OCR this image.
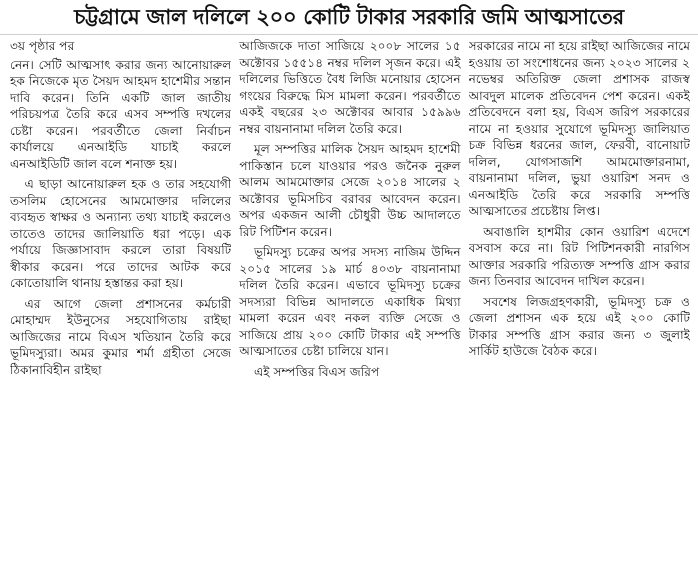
চট্টগ্রামে জাল দলিলে ২০০ কোটি টাকার সরকারি জমি আত্মসাতের
৩য় পৃষ্ঠার পর

নেন। সেটি আত্মসাৎ করার জন্য আনোয়ারুল হক নিজেকে মৃত সৈয়দ আহমদ হাশেমীর সন্তান দাবি করেন। তিনি একটি জাল জাতীয় পরিচয়পত্র তৈরি করে এসব সম্পত্তি দখলের চেষ্টা করেন। পরবর্তীতে জেলা নির্বাচন কার্যালয়ে এনআইডি যাচাই করলে এনআইডিটি জাল বলে শনাক্ত হয়।

এ ছাড়া আনোয়ারুল হক ও তার সহযোগী তসলিম হোসেনের আমমোক্তার দলিলের ব্যবহৃত স্বাক্ষর ও অন্যান্য তথ্য যাচাই করলেও তাতেও তাদের জালিয়াতি ধরা পড়ে। এক পর্যায়ে জিজ্ঞাসাবাদ করলে তারা বিষয়টি স্বীকার করেন। পরে তাদের আটক করে কোতোয়ালি থানায় হস্তান্তর করা হয়।

এর আগে জেলা প্রশাসনের কর্মচারী মোহাম্মদ ইউনুসের সহযোগিতায় রাইছা আজিজের নামে বিএস খতিয়ান তৈরি করে ভূমিদস্যুরা। অমর কুমার শর্মা গ্রহীতা সেজে ঠিকানাবিহীন রাইছা

আজিজকে দাতা সাজিয়ে ২০০৮ সালের ১৫ অক্টোবর ১৫৫১৪ নম্বর দলিল সৃজন করে। এই দলিলের ভিত্তিতে বৈধ লিজি মনোয়ার হোসেন গংয়ের বিরুদ্ধে মিস মামলা করেন। পরবর্তীতে একই বছরের ২৩ অক্টোবর আবার ১৫৯৯৬ নম্বর বায়নানামা দলিল তৈরি করে।

মূল সম্পত্তির মালিক সৈয়দ আহমদ হাশেমী পাকিস্তান চলে যাওয়ার পরও জনৈক নুরুল আলম আমমোক্তার সেজে ২০১৪ সালের ২ অক্টোবর ভূমিসচিব বরাবর আবেদন করেন। অপর একজন আলী চৌধুরী উচ্চ আদালতে রিট পিটিশন করেন।

ভূমিদস্যু চক্রের অপর সদস্য নাজিম উদ্দিন ২০১৫ সালের ১৯ মার্চ ৪০৩৮ বায়নানামা দলিল তৈরি করেন। এভাবে ভূমিদস্যু চক্রের সদস্যরা বিভিন্ন আদালতে একাধিক মিথ্যা মামলা করেন এবং নকল ব্যক্তি সেজে ও সাজিয়ে প্রায় ২০০ কোটি টাকার এই সম্পত্তি আত্মসাতের চেষ্টা চালিয়ে যান।

এই সম্পত্তির বিএস জরিপ

সরকারের নামে না হয়ে রাইছা আজিজের নামে হওয়ায় তা সংশোধনের জন্য ২০২৩ সালের ২ নভেম্বর অতিরিক্ত জেলা প্রশাসক রাজস্ব আবদুল মালেক প্রতিবেদন পেশ করেন। একই প্রতিবেদনে বলা হয়, বিএস জরিপ সরকারের নামে না হওয়ার সুযোগে ভূমিদস্যু জালিয়াত চক্র বিভিন্ন ধরনের জাল, ফেরবী, বানোয়াট দলিল, যোগসাজশি আমমোক্তারনামা, বায়নানামা দলিল, ভুয়া ওয়ারিশ সনদ ও এনআইডি তৈরি করে সরকারি সম্পত্তি আত্মসাতের প্রচেষ্টায় লিপ্ত।

অবাঙালি হাশমীর কোন ওয়ারিশ এদেশে বসবাস করে না। রিট পিটিশনকারী নারগিস আক্তার সরকারি পরিত্যক্ত সম্পত্তি গ্রাস করার জন্য তিনবার আবেদন দাখিল করেন।

সবশেষ লিজগ্রহণকারী, ভূমিদস্যু চক্র ও জেলা প্রশাসন এক হয়ে এই ২০০ কোটি টাকার সম্পত্তি গ্রাস করার জন্য ৩ জুলাই সার্কিট হাউজে বৈঠক করে।
